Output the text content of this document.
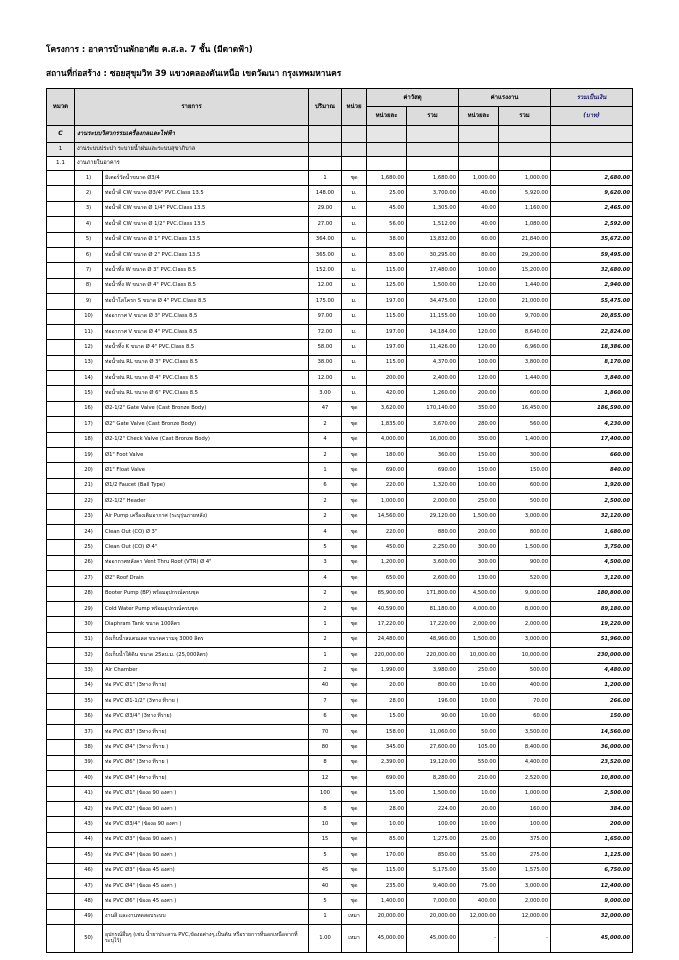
โครงการ : อาคารบ้านพักอาศัย ค.ส.ล. 7 ชั้น (มีดาดฟ้า)
สถานที่ก่อสร้าง : ซอยสุขุมวิท 39 แขวงคลองตันเหนือ เขตวัฒนา กรุงเทพมหานคร
หมวด	รายการ		ปริมาณ	หน่วย	ค่าวัสดุ		ค่าแรงงาน		รวมเป็นเงิน
					หน่วยละ	รวม	หน่วยละ	รวม	(บาท)
C	งานระบบวิศวกรรมเครื่องกลและไฟฟ้า								
1	งานระบบประปา ระบายน้ำฝนและระบบสุขาภิบาล								
1.1	งานภายในอาคาร								
	1)	มิเตอร์วัดน้ำขนาด Ø3/4	1	ชุด	1,680.00	1,680.00	1,000.00	1,000.00	2,680.00
	2)	ท่อน้ำดี CW ขนาด Ø3/4" PVC.Class 13.5	148.00	ม.	25.00	3,700.00	40.00	5,920.00	9,620.00
	3)	ท่อน้ำดี CW ขนาด Ø 1/4" PVC.Class 13.5	29.00	ม.	45.00	1,305.00	40.00	1,160.00	2,465.00
	4)	ท่อน้ำดี CW ขนาด Ø 1/2" PVC.Class 13.5	27.00	ม.	56.00	1,512.00	40.00	1,080.00	2,592.00
	5)	ท่อน้ำดี CW ขนาด Ø 1" PVC.Class 13.5	364.00	ม.	38.00	13,832.00	60.00	21,840.00	35,672.00
	6)	ท่อน้ำดี CW ขนาด Ø 2" PVC.Class 13.5	365.00	ม.	83.00	30,295.00	80.00	29,200.00	59,495.00
	7)	ท่อน้ำทิ้ง W ขนาด Ø 3" PVC.Class 8.5	152.00	ม.	115.00	17,480.00	100.00	15,200.00	32,680.00
	8)	ท่อน้ำทิ้ง W ขนาด Ø 4" PVC.Class 8.5	12.00	ม.	125.00	1,500.00	120.00	1,440.00	2,940.00
	9)	ท่อน้ำโสโครก S ขนาด Ø 4" PVC.Class 8.5	175.00	ม.	197.00	34,475.00	120.00	21,000.00	55,475.00
	10)	ท่ออากาศ V ขนาด Ø 3" PVC.Class 8.5	97.00	ม.	115.00	11,155.00	100.00	9,700.00	20,855.00
	11)	ท่ออากาศ V ขนาด Ø 4" PVC.Class 8.5	72.00	ม.	197.00	14,184.00	120.00	8,640.00	22,824.00
	12)	ท่อน้ำทิ้ง K ขนาด Ø 4" PVC.Class 8.5	58.00	ม.	197.00	11,426.00	120.00	6,960.00	18,386.00
	13)	ท่อน้ำฝน RL ขนาด Ø 3" PVC.Class 8.5	38.00	ม.	115.00	4,370.00	100.00	3,800.00	8,170.00
	14)	ท่อน้ำฝน RL ขนาด Ø 4" PVC.Class 8.5	12.00	ม.	200.00	2,400.00	120.00	1,440.00	3,840.00
	15)	ท่อน้ำฝน RL ขนาด Ø 6" PVC.Class 8.5	3.00	ม.	420.00	1,260.00	200.00	600.00	1,860.00
	16)	Ø2-1/2" Gate Valve (Cast Bronze Body)	47	ชุด	3,620.00	170,140.00	350.00	16,450.00	186,590.00
	17)	Ø2" Gate Valve (Cast Bronze Body)	2	ชุด	1,835.00	3,670.00	280.00	560.00	4,230.00
	18)	Ø2-1/2" Check Valve (Cast Bronze Body)	4	ชุด	4,000.00	16,000.00	350.00	1,400.00	17,400.00
	19)	Ø1" Foot Valve	2	ชุด	180.00	360.00	150.00	300.00	660.00
	20)	Ø1" Float Valve	1	ชุด	690.00	690.00	150.00	150.00	840.00
	21)	Ø1/2 Faucet (Ball Type)	6	ชุด	220.00	1,320.00	100.00	600.00	1,920.00
	22)	Ø2-1/2" Header	2	ชุด	1,000.00	2,000.00	250.00	500.00	2,500.00
	23)	Air Pump เครื่องเติมอากาศ (ระบุรุ่นภายหลัง)	2	ชุด	14,560.00	29,120.00	1,500.00	3,000.00	32,120.00
	24)	Clean Out (CO) Ø 3"	4	ชุด	220.00	880.00	200.00	800.00	1,680.00
	25)	Clean Out (CO) Ø 4"	5	ชุด	450.00	2,250.00	300.00	1,500.00	3,750.00
	26)	ท่ออากาศหลังคา Vent Thru Roof (VTR) Ø 4"	3	ชุด	1,200.00	3,600.00	300.00	900.00	4,500.00
	27)	Ø2" Roof Drain	4	ชุด	650.00	2,600.00	130.00	520.00	3,120.00
	28)	Booter Pump (BP) พร้อมอุปกรณ์ครบชุด	2	ชุด	85,900.00	171,800.00	4,500.00	9,000.00	180,800.00
	29)	Cold Water Pump พร้อมอุปกรณ์ครบชุด	2	ชุด	40,590.00	81,180.00	4,000.00	8,000.00	89,180.00
	30)	Diaphram Tank ขนาด 100ลิตร	1	ชุด	17,220.00	17,220.00	2,000.00	2,000.00	19,220.00
	31)	ถังเก็บน้ำสแตนเลส ขนาดความจุ 3000 ลิตร	2	ชุด	24,480.00	48,960.00	1,500.00	3,000.00	51,960.00
	32)	ถังเก็บน้ำใต้ดิน ขนาด 25ลบ.ม. (25,000ลิตร)	1	ชุด	220,000.00	220,000.00	10,000.00	10,000.00	230,000.00
	33)	Air Chamber	2	ชุด	1,990.00	3,980.00	250.00	500.00	4,480.00
	34)	ท่อ PVC Ø1" (3ทาง ทีราย)	40	ชุด	20.00	800.00	10.00	400.00	1,200.00
	35)	ท่อ PVC Ø1-1/2" (3ทาง ทีราย )	7	ชุด	28.00	196.00	10.00	70.00	266.00
	36)	ท่อ PVC Ø3/4" (3ทาง ทีราย)	6	ชุด	15.00	90.00	10.00	60.00	150.00
	37)	ท่อ PVC Ø3" (3ทาง ทีราย)	70	ชุด	158.00	11,060.00	50.00	3,500.00	14,560.00
	38)	ท่อ PVC Ø4" (3ทาง ทีราย )	80	ชุด	345.00	27,600.00	105.00	8,400.00	36,000.00
	39)	ท่อ PVC Ø6" (3ทาง ทีราย )	8	ชุด	2,390.00	19,120.00	550.00	4,400.00	23,520.00
	40)	ท่อ PVC Ø4" (4ทาง ทีราย)	12	ชุด	690.00	8,280.00	210.00	2,520.00	10,800.00
	41)	ท่อ PVC Ø1" (ข้องอ 90 องศา )	100	ชุด	15.00	1,500.00	10.00	1,000.00	2,500.00
	42)	ท่อ PVC Ø2" (ข้องอ 90 องศา )	8	ชุด	28.00	224.00	20.00	160.00	384.00
	43)	ท่อ PVC Ø3/4" (ข้องอ 90 องศา )	10	ชุด	10.00	100.00	10.00	100.00	200.00
	44)	ท่อ PVC Ø3" (ข้องอ 90 องศา )	15	ชุด	85.00	1,275.00	25.00	375.00	1,650.00
	45)	ท่อ PVC Ø4" (ข้องอ 90 องศา )	5	ชุด	170.00	850.00	55.00	275.00	1,125.00
	46)	ท่อ PVC Ø3" (ข้องอ 45 องศา)	45	ชุด	115.00	5,175.00	35.00	1,575.00	6,750.00
	47)	ท่อ PVC Ø4" (ข้องอ 45 องศา )	40	ชุด	235.00	9,400.00	75.00	3,000.00	12,400.00
	48)	ท่อ PVC Ø6" (ข้องอ 45 องศา )	5	ชุด	1,400.00	7,000.00	400.00	2,000.00	9,000.00
	49)	งานสี และงานทดสอบระบบ	1	เหมา	20,000.00	20,000.00	12,000.00	12,000.00	32,000.00
	50)	อุปกรณ์อื่นๆ (เช่น น้ำยาประสาน PVC,ข้องอต่างๆ,เป็นต้น หรือรายการที่นอกเหนือจากที่ระบุไว้)	1.00	เหมา	45,000.00	45,000.00	-	-	45,000.00
